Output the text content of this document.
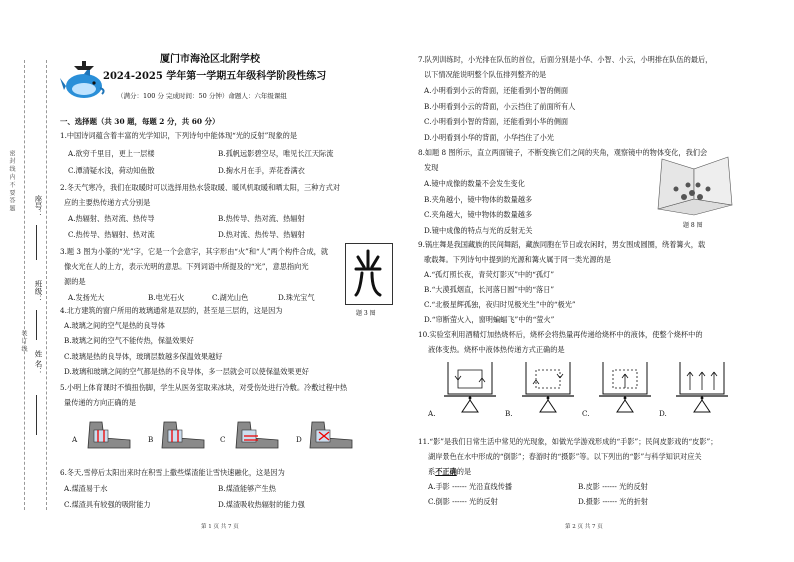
密 封 线 内 不 要 答 题
装 订 线
姓 名：
班级：
座号：
厦门市海沧区北附学校
2024-2025 学年第一学期五年级科学阶段性练习
（满分：100 分 完成时间：50 分钟）命题人：六年级课组
一、选择题（共 30 题，每题 2 分，共 60 分）
1.中国诗词蕴含着丰富的光学知识，下列诗句中能体现“光的反射”现象的是
A.欲穷千里目，更上一层楼	B.孤帆远影碧空尽，唯见长江天际流
C.潭清疑水浅，荷动知鱼散	D.掬水月在手，弄花香满衣
2.冬天气寒冷，我们在取暖时可以选择用热水袋取暖、暖风机取暖和晒太阳，三种方式对
应的主要热传递方式分别是
A.热辐射、热对流、热传导	B.热传导、热对流、热辐射
C.热传导、热辐射、热对流	D.热对流、热传导、热辐射
3.题 3 图为小篆的“光”字，它是一个会意字，其字形由“火”和“人”两个构件合成，就
像火光在人的上方，表示光明的意思。下列词语中所提及的“光”，意思指向光
源的是
A.发扬光大	B.电光石火	C.湖光山色	D.珠光宝气
题 3 图
4.北方建筑的窗户所用的玻璃通常是双层的，甚至是三层的，这是因为
A.玻璃之间的空气是热的良导体
B.玻璃之间的空气不能传热，保温效果好
C.玻璃是热的良导体，玻璃层数越多保温效果越好
D.玻璃和玻璃之间的空气都是热的不良导体，多一层就会可以使保温效果更好
5.小明上体育课时不慎扭伤脚，学生从医务室取来冰块，对受伤处进行冷敷。冷敷过程中热
量传递的方向正确的是
A	B	C	D
6.冬天,雪停后太阳出来时在积雪上撒些煤渣能让雪快速融化，这是因为
A.煤渣易于水	B.煤渣能够产生热
C.煤渣具有较强的吸附能力	D.煤渣吸收热辐射的能力强
第 1 页 共 7 页
7.队列训练时，小光排在队伍的首位，后面分别是小华、小智、小云，小明排在队伍的最后，
以下情况能说明整个队伍排列整齐的是
A.小明看到小云的背面，还能看到小智的侧面
B.小明看到小云的背面，小云挡住了前面所有人
C.小明看到小智的背面，还能看到小华的侧面
D.小明看到小华的背面，小华挡住了小光
8.如题 8 图所示，直立两面镜子，不断变换它们之间的夹角，观察镜中的物体变化，我们会
发现
A.镜中成像的数量不会发生变化
B.夹角越小，镜中物体的数量越多
C.夹角越大，镜中物体的数量越多
D.镜中成像的特点与光的反射无关
题 8 图
9.锅庄舞是我国藏族的民间舞蹈，藏族同胞在节日或农闲时，男女围成圆圈，绕着篝火，载
歌载舞。下列诗句中提到的光源和篝火属于同一类光源的是
A.“孤灯照长夜，青荧灯影灭”中的“孤灯”
B.“大漠孤烟直，长河落日圆”中的“落日”
C.“北极星辉孤独，夜归时见极光生”中的“极光”
D.“帘断萤火入，窗明蝙蝠飞”中的“萤火”
10.实验室利用酒精灯加热烧杯后，烧杯会将热量再传递给烧杯中的液体，使整个烧杯中的
液体变热。烧杯中液体热传递方式正确的是
A.	B.	C.	D.
11.“影”是我们日常生活中常见的光现象，如做光学游戏形成的“手影”；民间皮影戏的“皮影”；
湖岸景色在水中形成的“倒影”；春游时的“摄影”等。以下列出的“影”与科学知识对应关
系不正确的是
A.手影 ------ 光沿直线传播	B.皮影 ------ 光的反射
C.倒影 ------ 光的反射	D.摄影 ------ 光的折射
第 2 页 共 7 页
